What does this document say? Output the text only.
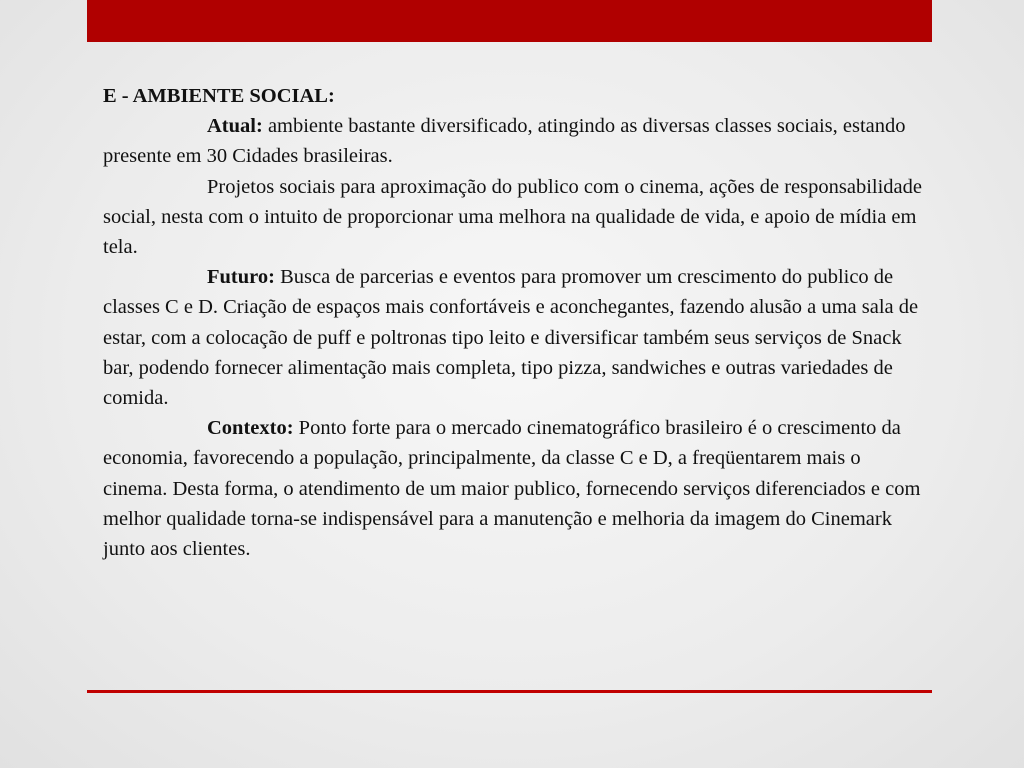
E - AMBIENTE SOCIAL:
Atual: ambiente bastante diversificado, atingindo as diversas classes sociais, estando presente em 30 Cidades brasileiras.
Projetos sociais para aproximação do publico com o cinema, ações de responsabilidade social, nesta com o intuito de proporcionar uma melhora na qualidade de vida, e apoio de mídia em tela.
Futuro: Busca de parcerias e eventos para promover um crescimento do publico de classes C e D. Criação de espaços mais confortáveis e aconchegantes, fazendo alusão a uma sala de estar, com a colocação de puff e poltronas tipo leito e diversificar também seus serviços de Snack bar, podendo fornecer alimentação mais completa, tipo pizza, sandwiches e outras variedades de comida.
Contexto: Ponto forte para o mercado cinematográfico brasileiro é o crescimento da economia, favorecendo a população, principalmente, da classe C e D, a freqüentarem mais o cinema. Desta forma, o atendimento de um maior publico, fornecendo serviços diferenciados e com melhor qualidade torna-se indispensável para a manutenção e melhoria da imagem do Cinemark junto aos clientes.
